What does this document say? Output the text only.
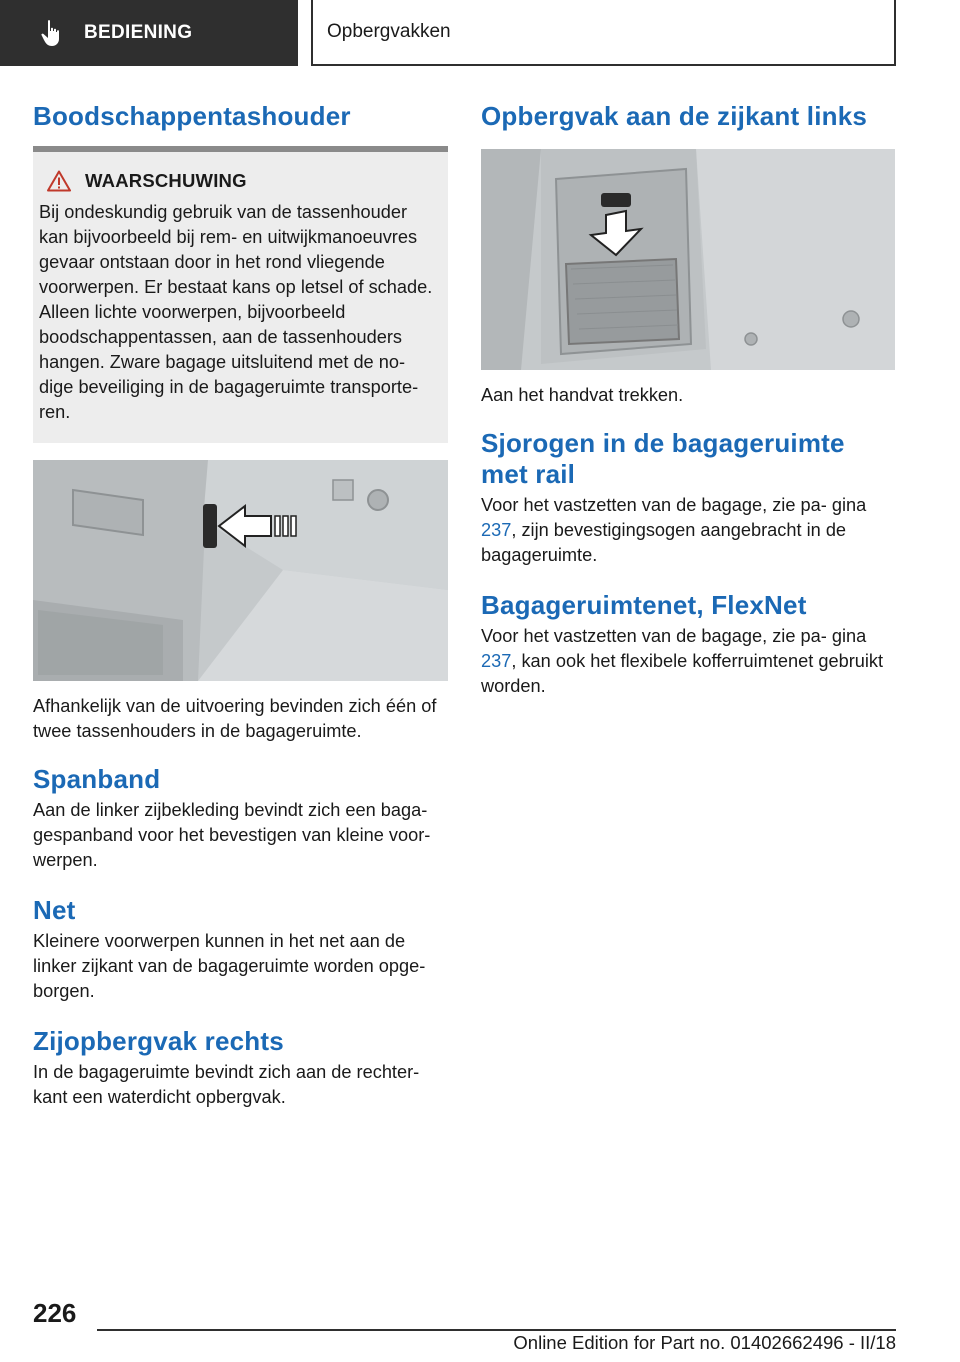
BEDIENING	Opbergvakken
Boodschappentashouder
WAARSCHUWING

Bij ondeskundig gebruik van de tassenhouder kan bijvoorbeeld bij rem- en uitwijkmanoeuvres gevaar ontstaan door in het rond vliegende voorwerpen. Er bestaat kans op letsel of schade. Alleen lichte voorwerpen, bijvoorbeeld boodschappentassen, aan de tassenhouders hangen. Zware bagage uitsluitend met de no- dige beveiliging in de bagageruimte transporte- ren.

Afhankelijk van de uitvoering bevinden zich één of twee tassenhouders in de bagageruimte.

Spanband

Aan de linker zijbekleding bevindt zich een baga- gespanband voor het bevestigen van kleine voor- werpen.

Net

Kleinere voorwerpen kunnen in het net aan de linker zijkant van de bagageruimte worden opge- borgen.

Zijopbergvak rechts

In de bagageruimte bevindt zich aan de rechter- kant een waterdicht opbergvak.

Opbergvak aan de zijkant links

Aan het handvat trekken.

Sjorogen in de bagageruimte met rail

Voor het vastzetten van de bagage, zie pa- gina 237, zijn bevestigingsogen aangebracht in de bagageruimte.

Bagageruimtenet, FlexNet

Voor het vastzetten van de bagage, zie pa- gina 237, kan ook het flexibele kofferruimtenet gebruikt worden.

226
Online Edition for Part no. 01402662496 - II/18
